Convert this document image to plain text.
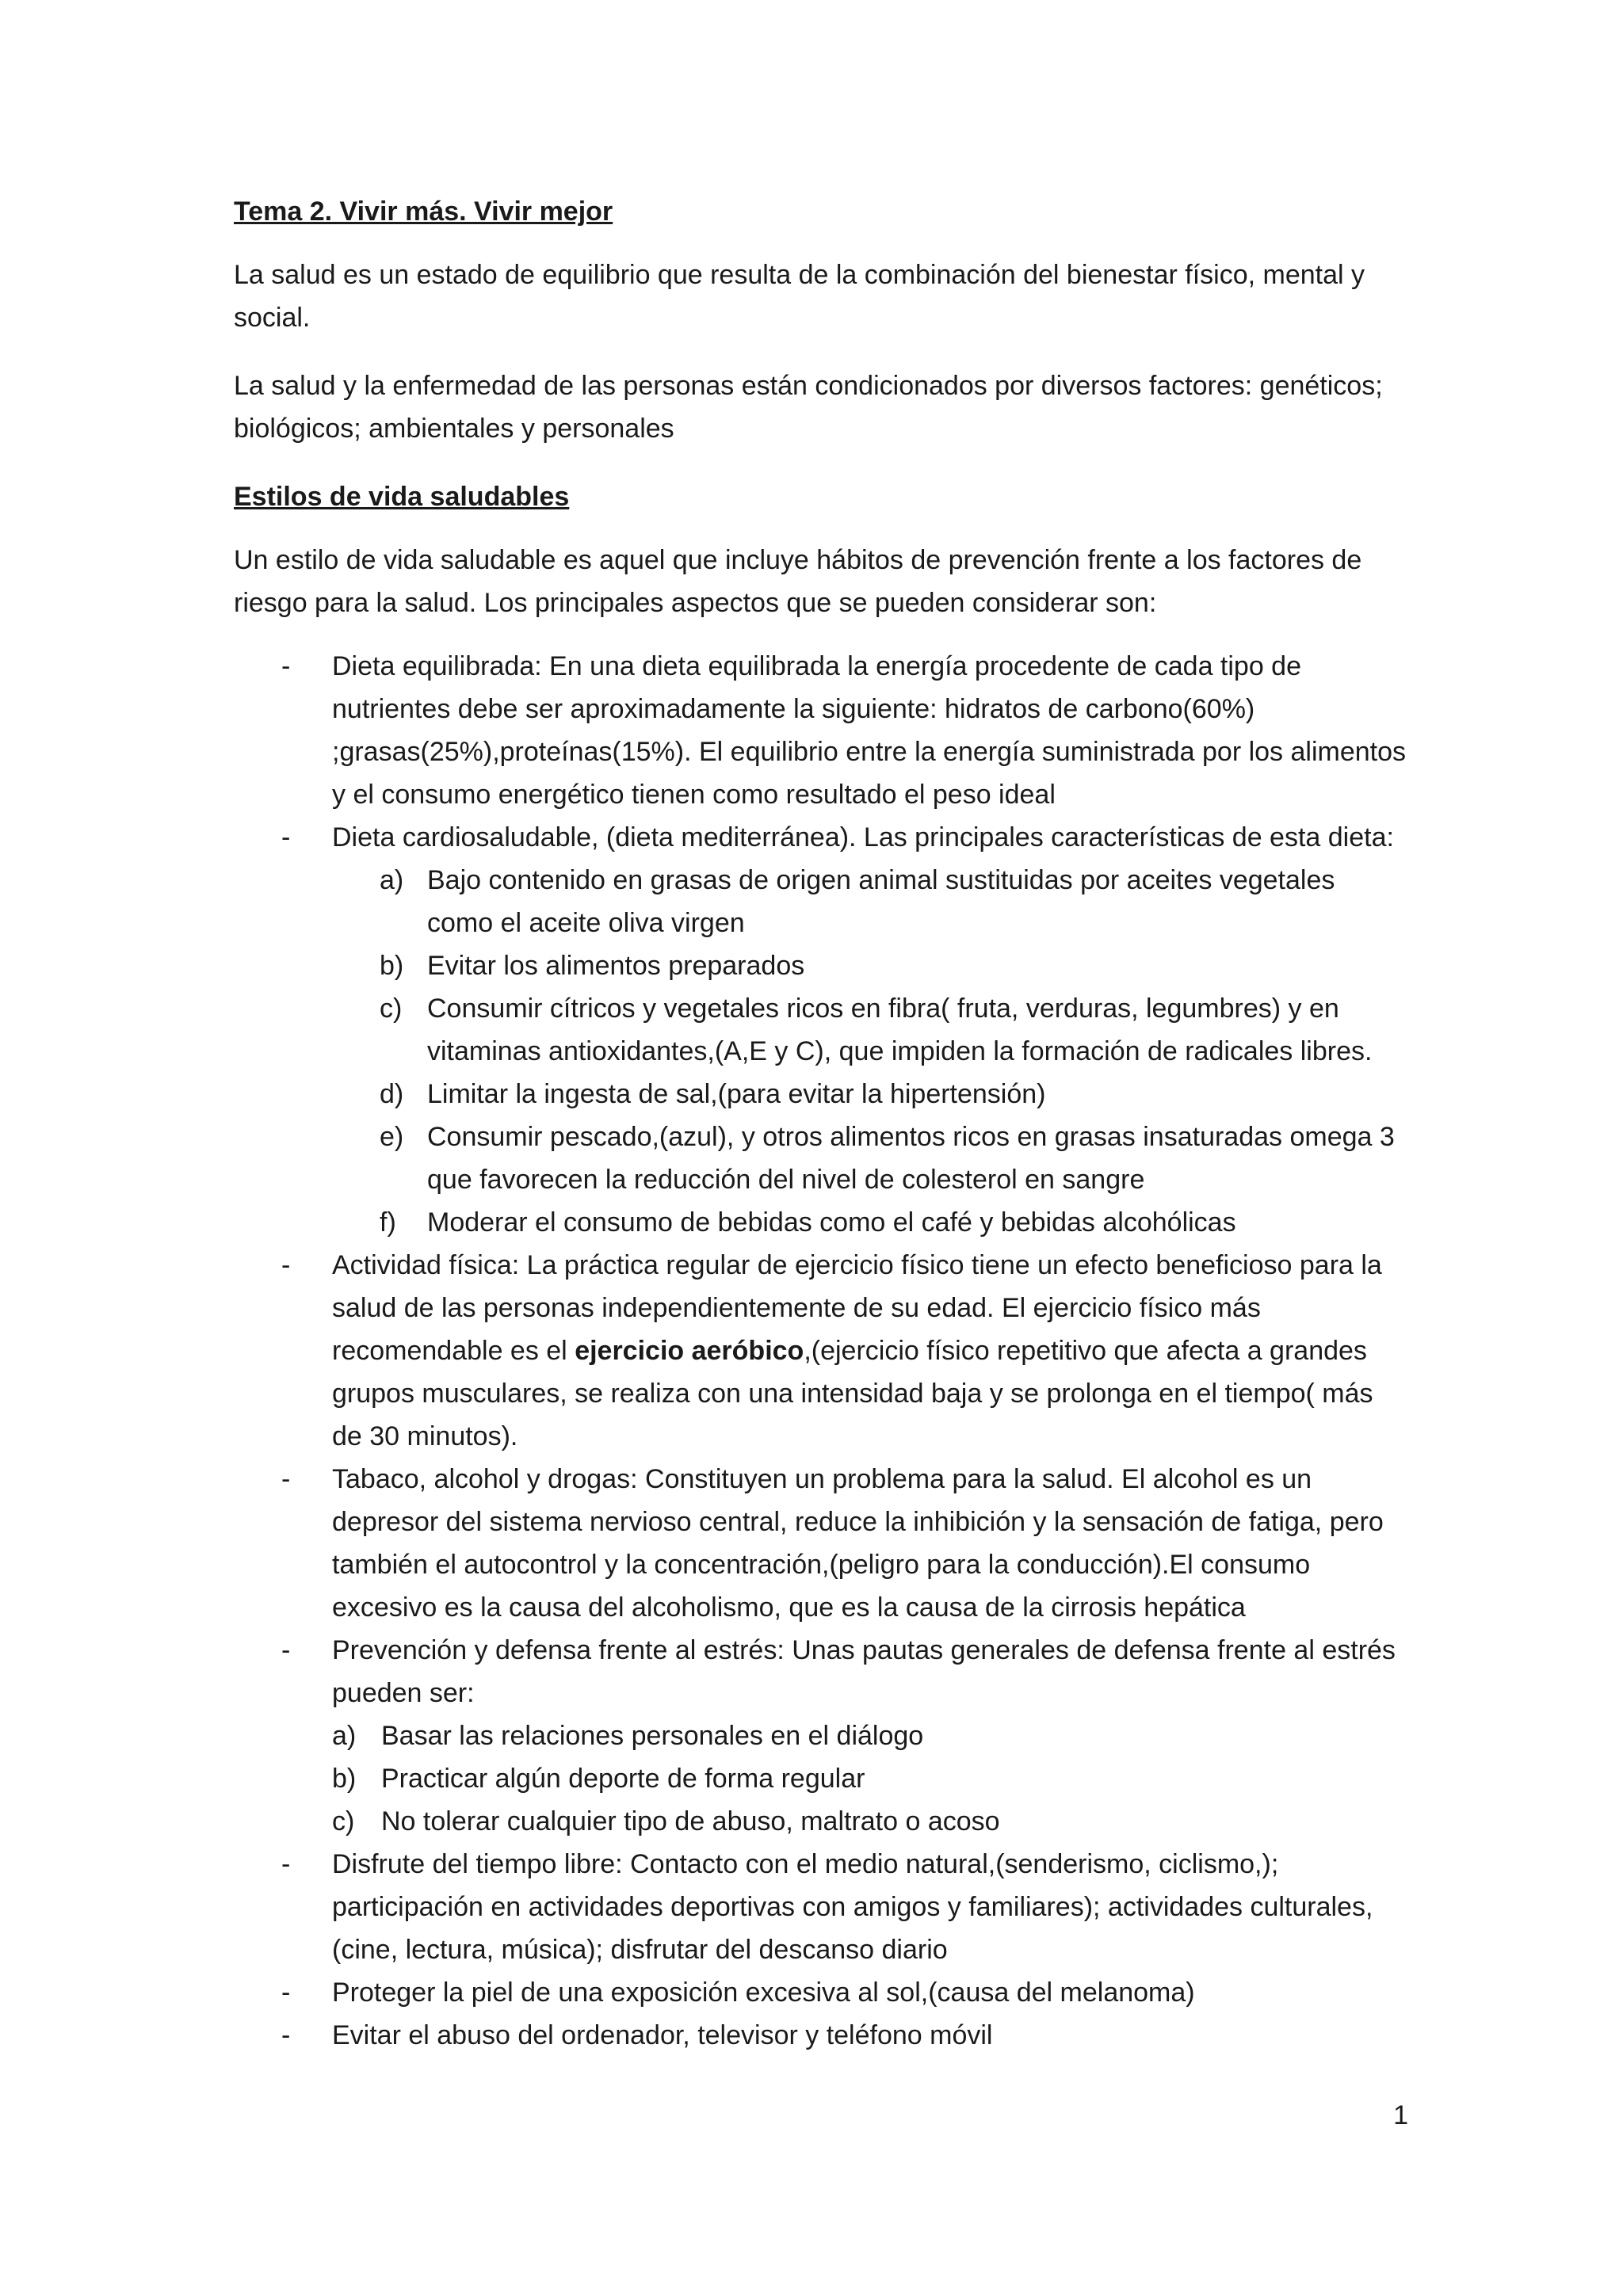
Tema 2. Vivir más. Vivir mejor

La salud es un estado de equilibrio que resulta de la combinación del bienestar físico, mental y social.

La salud y la enfermedad de las personas están condicionados por diversos factores: genéticos; biológicos; ambientales y personales

Estilos de vida saludables

Un estilo de vida saludable es aquel que incluye hábitos de prevención frente a los factores de riesgo para la salud. Los principales aspectos que se pueden considerar son:

-	Dieta equilibrada: En una dieta equilibrada la energía procedente de cada tipo de nutrientes debe ser aproximadamente la siguiente: hidratos de carbono(60%) ;grasas(25%),proteínas(15%). El equilibrio entre la energía suministrada por los alimentos y el consumo energético tienen como resultado el peso ideal
-	Dieta cardiosaludable, (dieta mediterránea). Las principales características de esta dieta:
a) Bajo contenido en grasas de origen animal sustituidas por aceites vegetales como el aceite oliva virgen
b) Evitar los alimentos preparados
c) Consumir cítricos y vegetales ricos en fibra( fruta, verduras, legumbres) y en vitaminas antioxidantes,(A,E y C), que impiden la formación de radicales libres.
d) Limitar la ingesta de sal,(para evitar la hipertensión)
e) Consumir pescado,(azul), y otros alimentos ricos en grasas insaturadas omega 3 que favorecen la reducción del nivel de colesterol en sangre
f) Moderar el consumo de bebidas como el café y bebidas alcohólicas
-	Actividad física: La práctica regular de ejercicio físico tiene un efecto beneficioso para la salud de las personas independientemente de su edad. El ejercicio físico más recomendable es el ejercicio aeróbico,(ejercicio físico repetitivo que afecta a grandes grupos musculares, se realiza con una intensidad baja y se prolonga en el tiempo( más de 30 minutos).
-	Tabaco, alcohol y drogas: Constituyen un problema para la salud. El alcohol es un depresor del sistema nervioso central, reduce la inhibición y la sensación de fatiga, pero también el autocontrol y la concentración,(peligro para la conducción).El consumo excesivo es la causa del alcoholismo, que es la causa de la cirrosis hepática
-	Prevención y defensa frente al estrés: Unas pautas generales de defensa frente al estrés pueden ser:
a) Basar las relaciones personales en el diálogo
b) Practicar algún deporte de forma regular
c) No tolerar cualquier tipo de abuso, maltrato o acoso
-	Disfrute del tiempo libre: Contacto con el medio natural,(senderismo, ciclismo,); participación en actividades deportivas con amigos y familiares); actividades culturales,(cine, lectura, música); disfrutar del descanso diario
-	Proteger la piel de una exposición excesiva al sol,(causa del melanoma)
-	Evitar el abuso del ordenador, televisor y teléfono móvil
1
